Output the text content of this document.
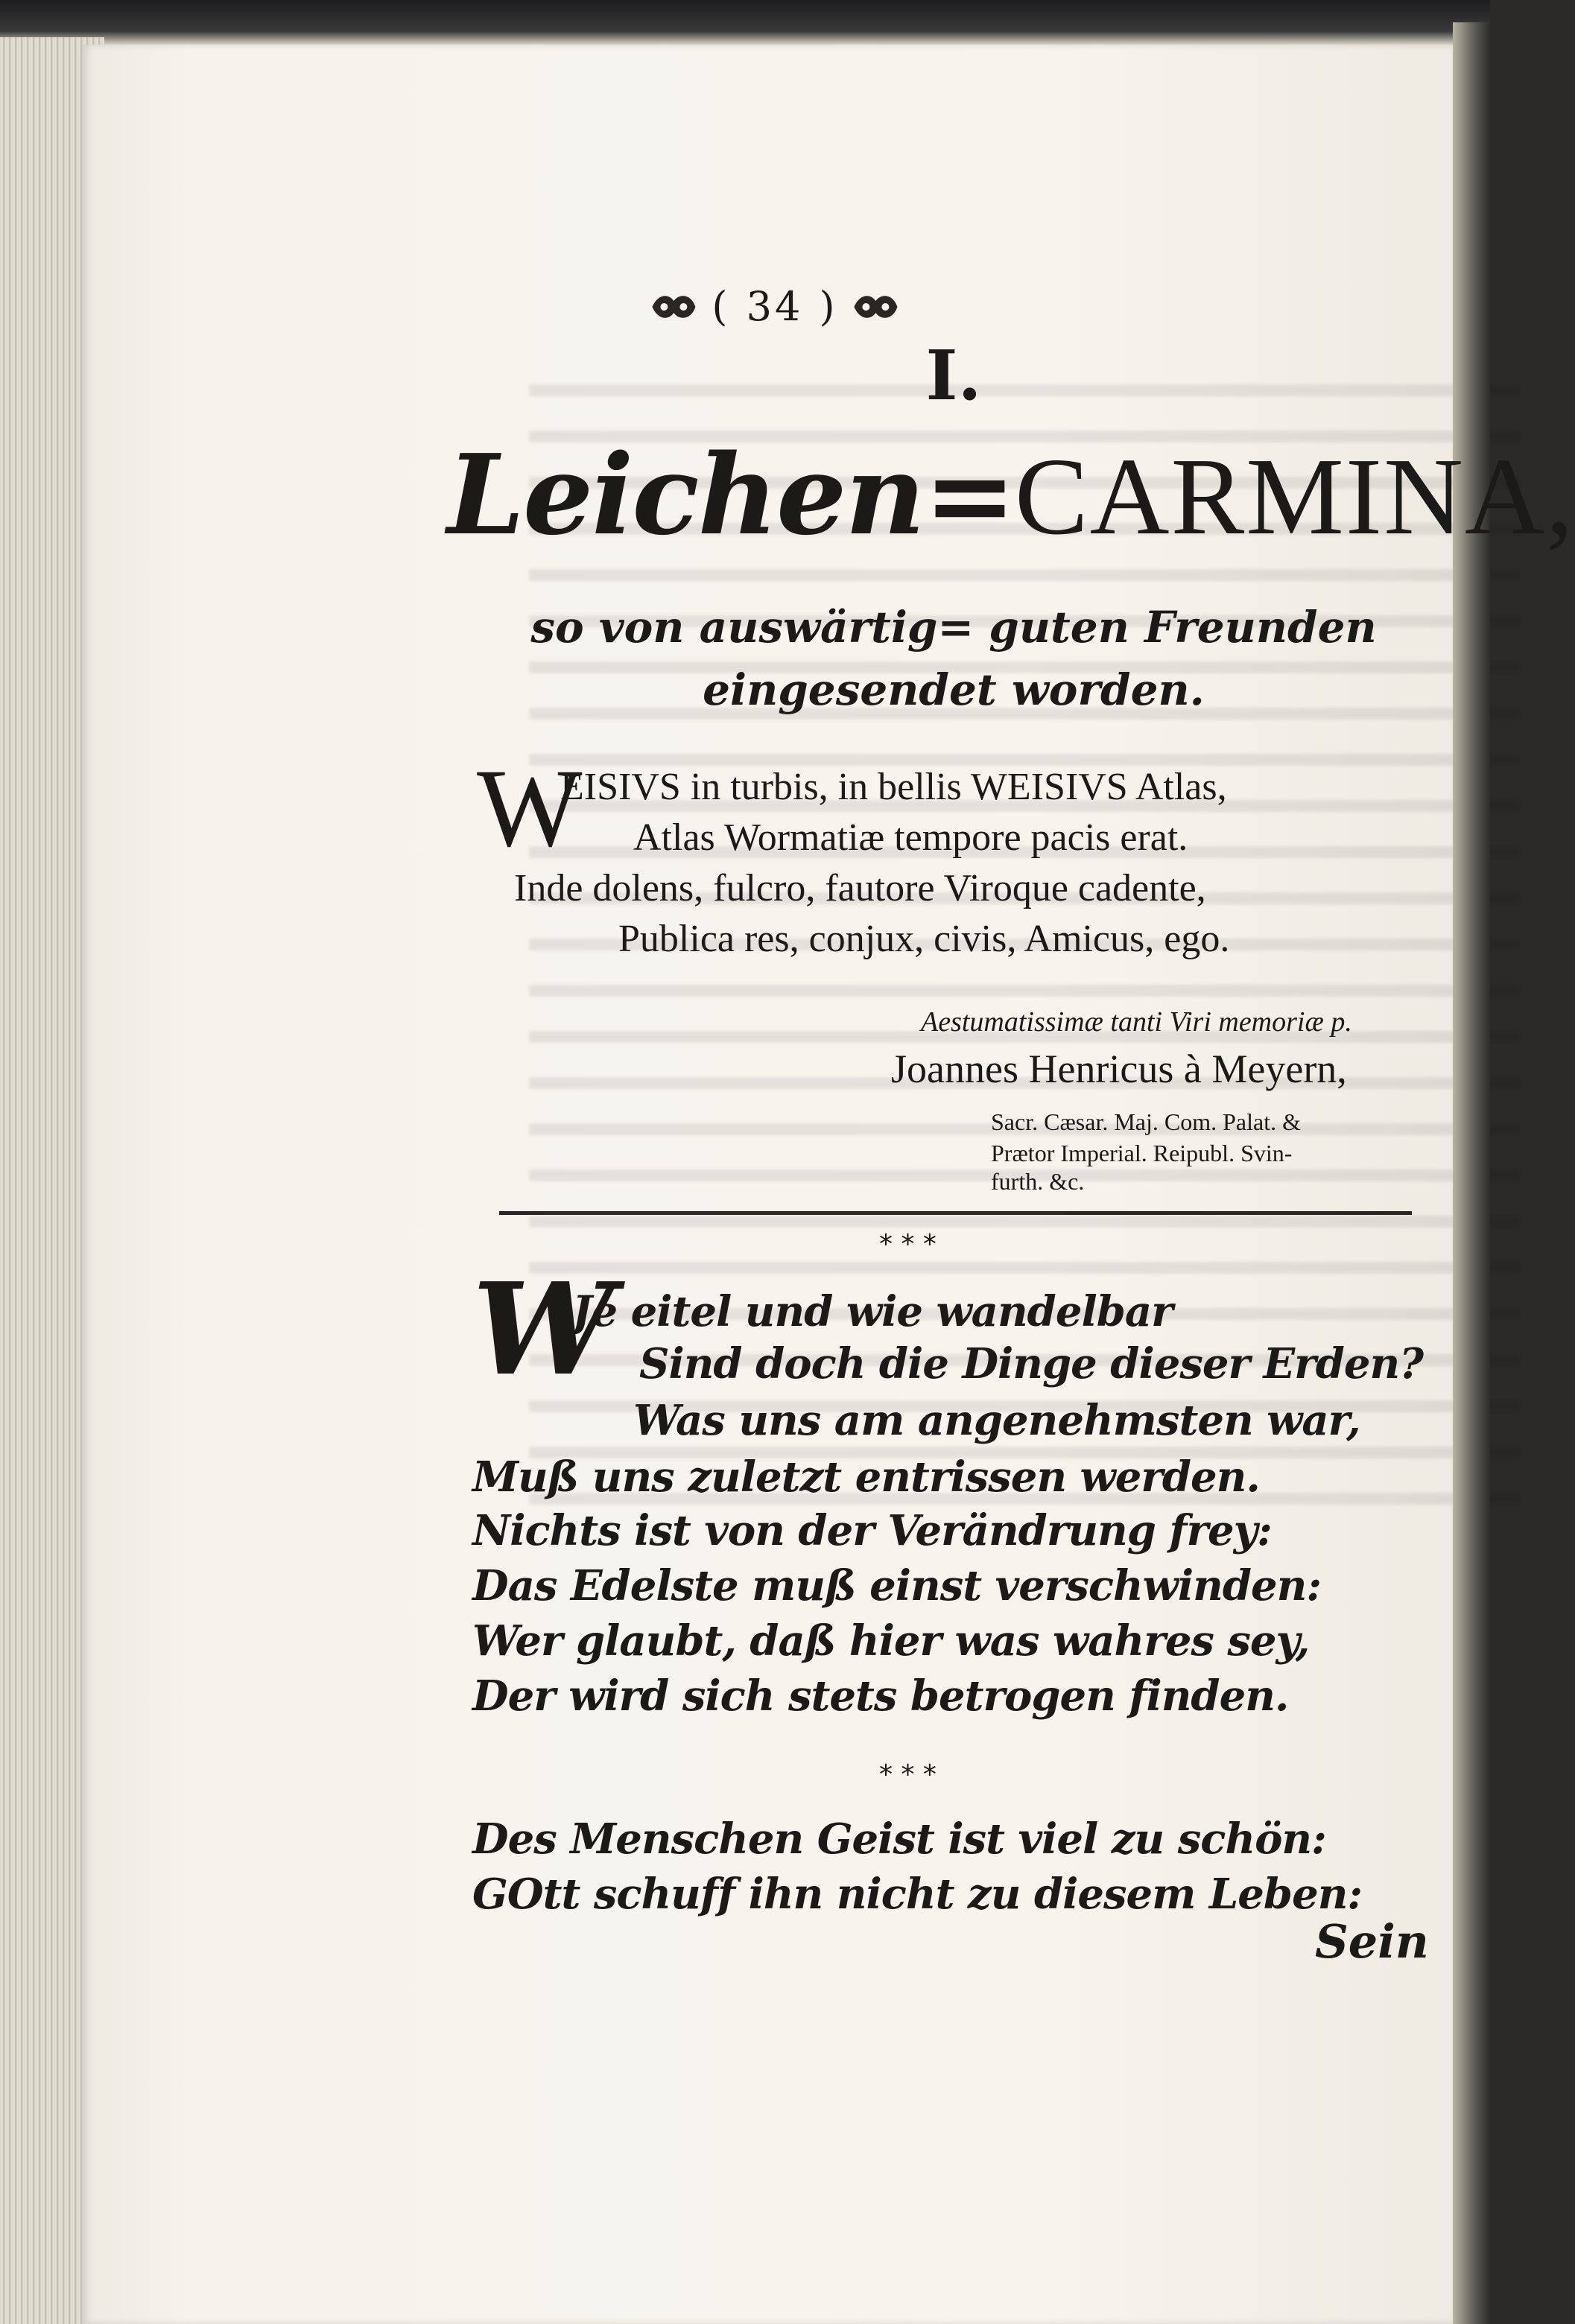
( 34 )
I.
Leichen=CARMINA,
so von auswärtig= guten Freunden
eingesendet worden.
W
EISIVS in turbis, in bellis WEISIVS Atlas,
Atlas Wormatiæ tempore pacis erat.
Inde dolens, fulcro, fautore Viroque cadente,
Publica res, conjux, civis, Amicus, ego.
Aestumatissimæ tanti Viri memoriæ p.
Joannes Henricus à Meyern,
Sacr. Cæsar. Maj. Com. Palat. &
Prætor Imperial. Reipubl. Svin-
furth. &c.
* * *
W
Je eitel und wie wandelbar
Sind doch die Dinge dieser Erden?
Was uns am angenehmsten war,
Muß uns zuletzt entrissen werden.
Nichts ist von der Verändrung frey:
Das Edelste muß einst verschwinden:
Wer glaubt, daß hier was wahres sey,
Der wird sich stets betrogen finden.
* * *
Des Menschen Geist ist viel zu schön:
GOtt schuff ihn nicht zu diesem Leben:
Sein
